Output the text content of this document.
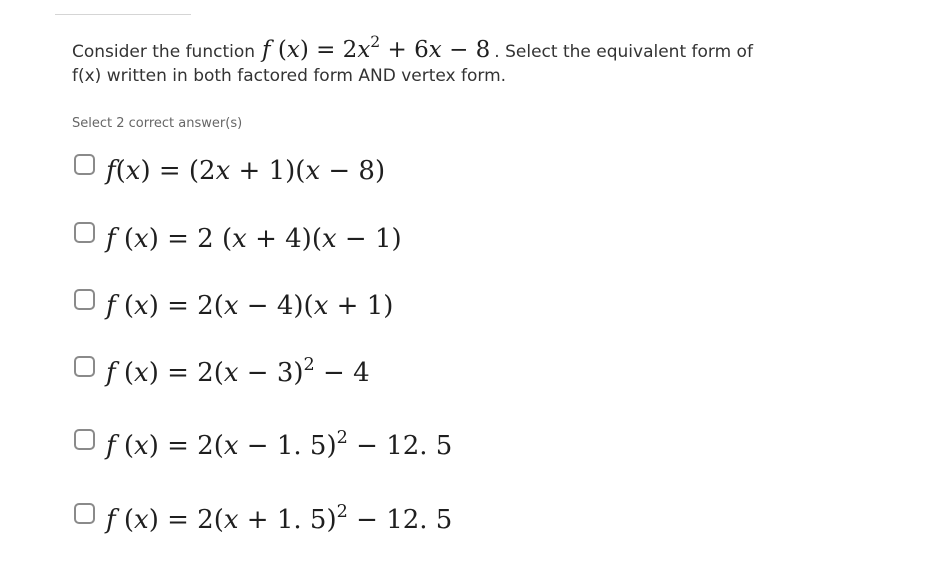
Consider the function f $(x) = 2x^2 + 6x - 8$ . Select the equivalent form of
f(x) written in both factored form AND vertex form.
Select 2 correct answer(s)
f(x) = (2x + 1)(x − 8)
f (x) = 2 (x + 4)(x − 1)
f (x) = 2(x − 4)(x + 1)
f $(x) = 2(x - 3)^2 - 4$
f (x) = 2(x − 1. 5)$^2$ − 12. 5
f (x) = 2(x + 1. 5)$^2$ − 12. 5
